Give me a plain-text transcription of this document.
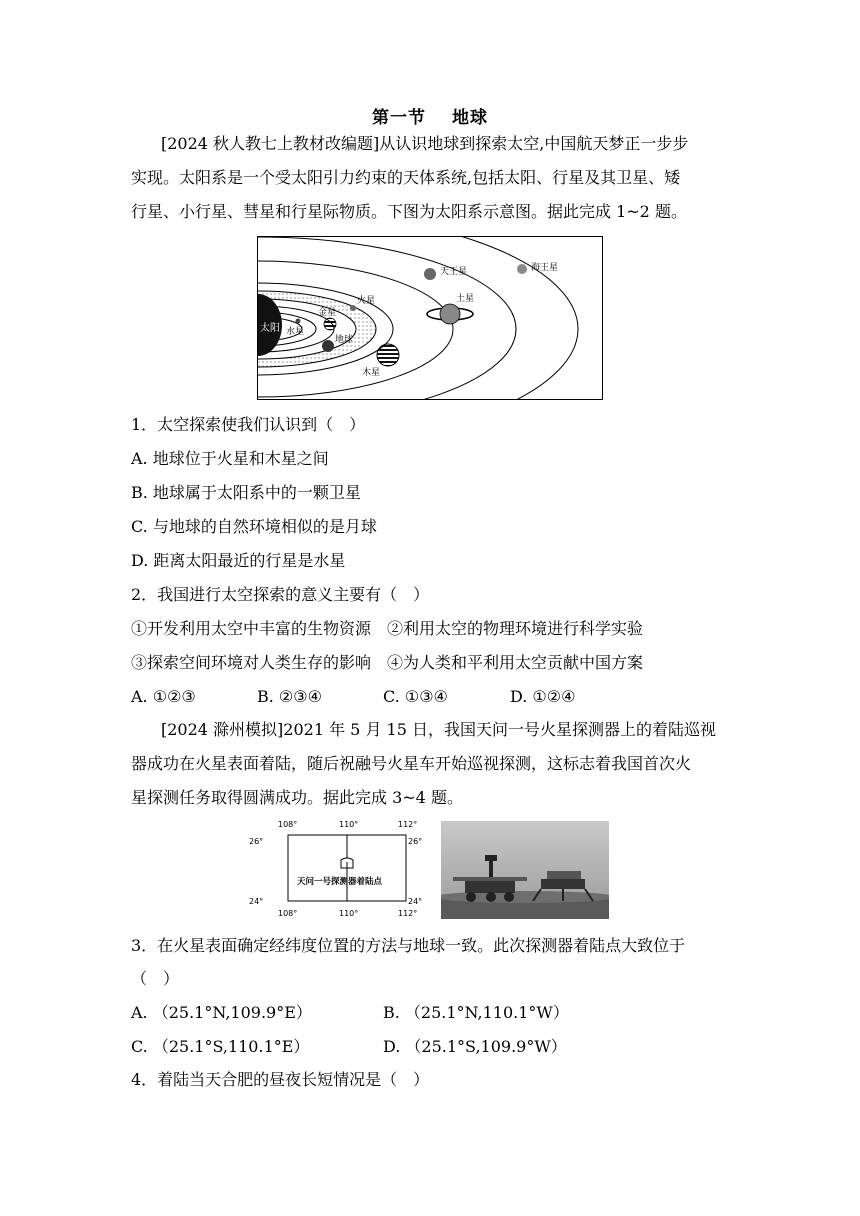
第一节 地球
[2024 秋人教七上教材改编题]从认识地球到探索太空,中国航天梦正一步步
实现。太阳系是一个受太阳引力约束的天体系统,包括太阳、行星及其卫星、矮
行星、小行星、彗星和行星际物质。下图为太阳系示意图。据此完成 1~2 题。
太阳 水星
金星
地球
火星
木星
土星
天王星	海王星
1．太空探索使我们认识到（　）
A. 地球位于火星和木星之间
B. 地球属于太阳系中的一颗卫星
C. 与地球的自然环境相似的是月球
D. 距离太阳最近的行星是水星
2．我国进行太空探索的意义主要有（　）
①开发利用太空中丰富的生物资源　②利用太空的物理环境进行科学实验
③探索空间环境对人类生存的影响　④为人类和平利用太空贡献中国方案
A. ①②③	B. ②③④	C. ①③④	D. ①②④
[2024 滁州模拟]2021 年 5 月 15 日，我国天问一号火星探测器上的着陆巡视
器成功在火星表面着陆，随后祝融号火星车开始巡视探测，这标志着我国首次火
星探测任务取得圆满成功。据此完成 3~4 题。
108°	110°	112°
108°	110°	112°
26°
24°
26°
24°
天问一号探测器着陆点
3．在火星表面确定经纬度位置的方法与地球一致。此次探测器着陆点大致位于
（　）
A. （25.1°N,109.9°E）	B. （25.1°N,110.1°W）
C. （25.1°S,110.1°E）	D. （25.1°S,109.9°W）
4．着陆当天合肥的昼夜长短情况是（　）
